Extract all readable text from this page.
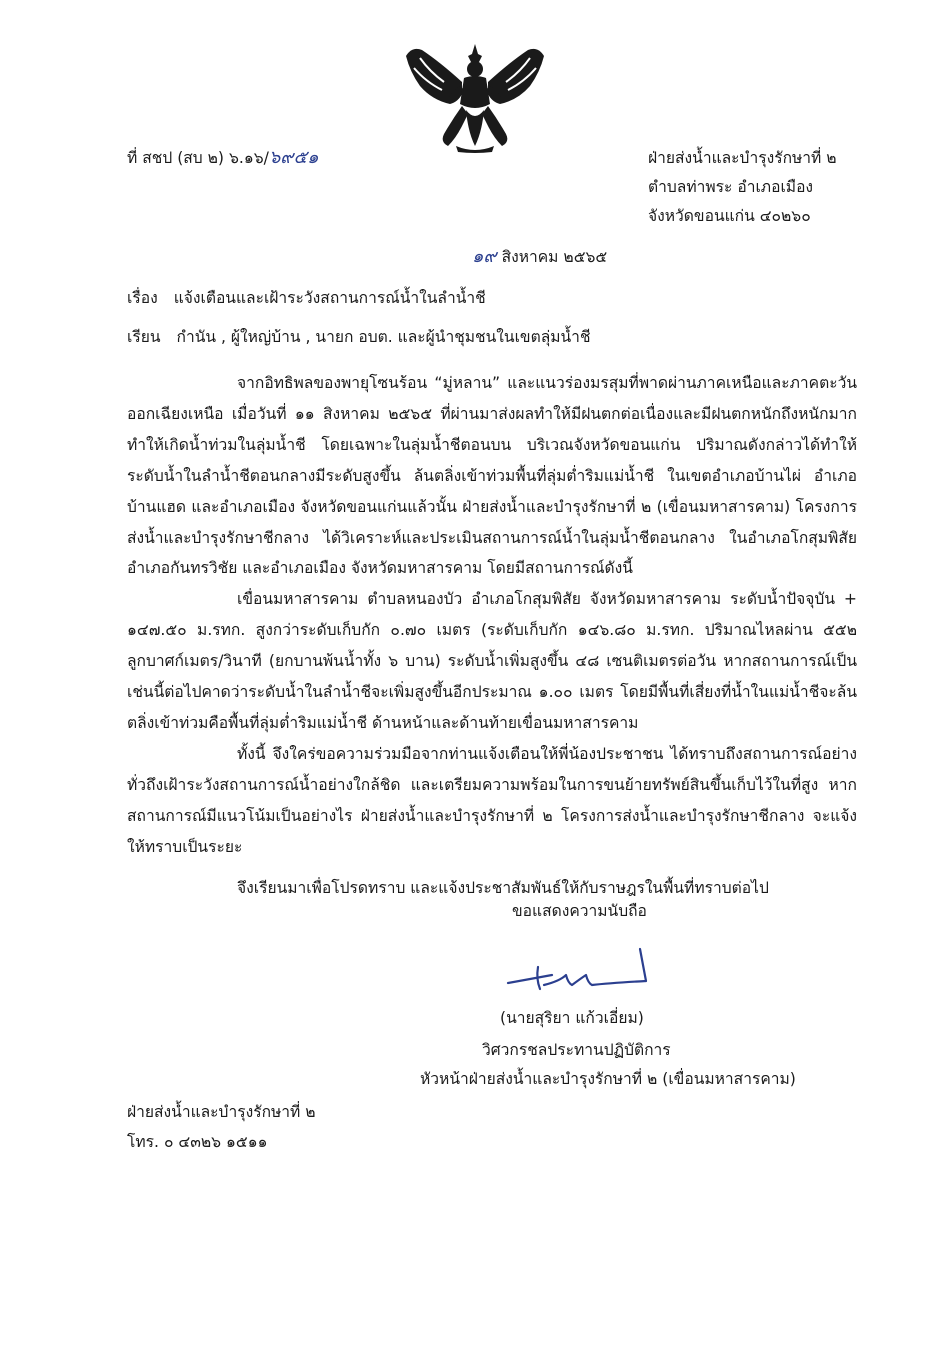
ที่ สชป (สบ ๒) ๖.๑๖/๖๙๕๑	ฝ่ายส่งน้ำและบำรุงรักษาที่ ๒
ตำบลท่าพระ อำเภอเมือง
จังหวัดขอนแก่น ๔๐๒๖๐
๑๙ สิงหาคม ๒๕๖๕
เรื่อง แจ้งเตือนและเฝ้าระวังสถานการณ์น้ำในลำน้ำชี
เรียน กำนัน , ผู้ใหญ่บ้าน , นายก อบต. และผู้นำชุมชนในเขตลุ่มน้ำชี

จากอิทธิพลของพายุโซนร้อน “มู่หลาน” และแนวร่องมรสุมที่พาดผ่านภาคเหนือและภาคตะวันออกเฉียงเหนือ เมื่อวันที่ ๑๑ สิงหาคม ๒๕๖๕ ที่ผ่านมาส่งผลทำให้มีฝนตกต่อเนื่องและมีฝนตกหนักถึงหนักมาก ทำให้เกิดน้ำท่วมในลุ่มน้ำชี โดยเฉพาะในลุ่มน้ำชีตอนบน บริเวณจังหวัดขอนแก่น ปริมาณดังกล่าวได้ทำให้ระดับน้ำในลำน้ำชีตอนกลางมีระดับสูงขึ้น ล้นตลิ่งเข้าท่วมพื้นที่ลุ่มต่ำริมแม่น้ำชี ในเขตอำเภอบ้านไผ่ อำเภอบ้านแฮด และอำเภอเมือง จังหวัดขอนแก่นแล้วนั้น ฝ่ายส่งน้ำและบำรุงรักษาที่ ๒ (เขื่อนมหาสารคาม) โครงการส่งน้ำและบำรุงรักษาชีกลาง ได้วิเคราะห์และประเมินสถานการณ์น้ำในลุ่มน้ำชีตอนกลาง ในอำเภอโกสุมพิสัย อำเภอกันทรวิชัย และอำเภอเมือง จังหวัดมหาสารคาม โดยมีสถานการณ์ดังนี้

เขื่อนมหาสารคาม ตำบลหนองบัว อำเภอโกสุมพิสัย จังหวัดมหาสารคาม ระดับน้ำปัจจุบัน + ๑๔๗.๕๐ ม.รทก. สูงกว่าระดับเก็บกัก ๐.๗๐ เมตร (ระดับเก็บกัก ๑๔๖.๘๐ ม.รทก. ปริมาณไหลผ่าน ๕๕๒ ลูกบาศก์เมตร/วินาที (ยกบานพ้นน้ำทั้ง ๖ บาน) ระดับน้ำเพิ่มสูงขึ้น ๔๘ เซนติเมตรต่อวัน หากสถานการณ์เป็นเช่นนี้ต่อไปคาดว่าระดับน้ำในลำน้ำชีจะเพิ่มสูงขึ้นอีกประมาณ ๑.๐๐ เมตร โดยมีพื้นที่เสี่ยงที่น้ำในแม่น้ำชีจะล้นตลิ่งเข้าท่วมคือพื้นที่ลุ่มต่ำริมแม่น้ำชี ด้านหน้าและด้านท้ายเขื่อนมหาสารคาม

ทั้งนี้ จึงใคร่ขอความร่วมมือจากท่านแจ้งเตือนให้พี่น้องประชาชน ได้ทราบถึงสถานการณ์อย่างทั่วถึงเฝ้าระวังสถานการณ์น้ำอย่างใกล้ชิด และเตรียมความพร้อมในการขนย้ายทรัพย์สินขึ้นเก็บไว้ในที่สูง หากสถานการณ์มีแนวโน้มเป็นอย่างไร ฝ่ายส่งน้ำและบำรุงรักษาที่ ๒ โครงการส่งน้ำและบำรุงรักษาชีกลาง จะแจ้งให้ทราบเป็นระยะ

จึงเรียนมาเพื่อโปรดทราบ และแจ้งประชาสัมพันธ์ให้กับราษฎรในพื้นที่ทราบต่อไป

ขอแสดงความนับถือ
(นายสุริยา แก้วเอี่ยม)
วิศวกรชลประทานปฏิบัติการ
หัวหน้าฝ่ายส่งน้ำและบำรุงรักษาที่ ๒ (เขื่อนมหาสารคาม)
ฝ่ายส่งน้ำและบำรุงรักษาที่ ๒
โทร. ๐ ๔๓๒๖ ๑๕๑๑
